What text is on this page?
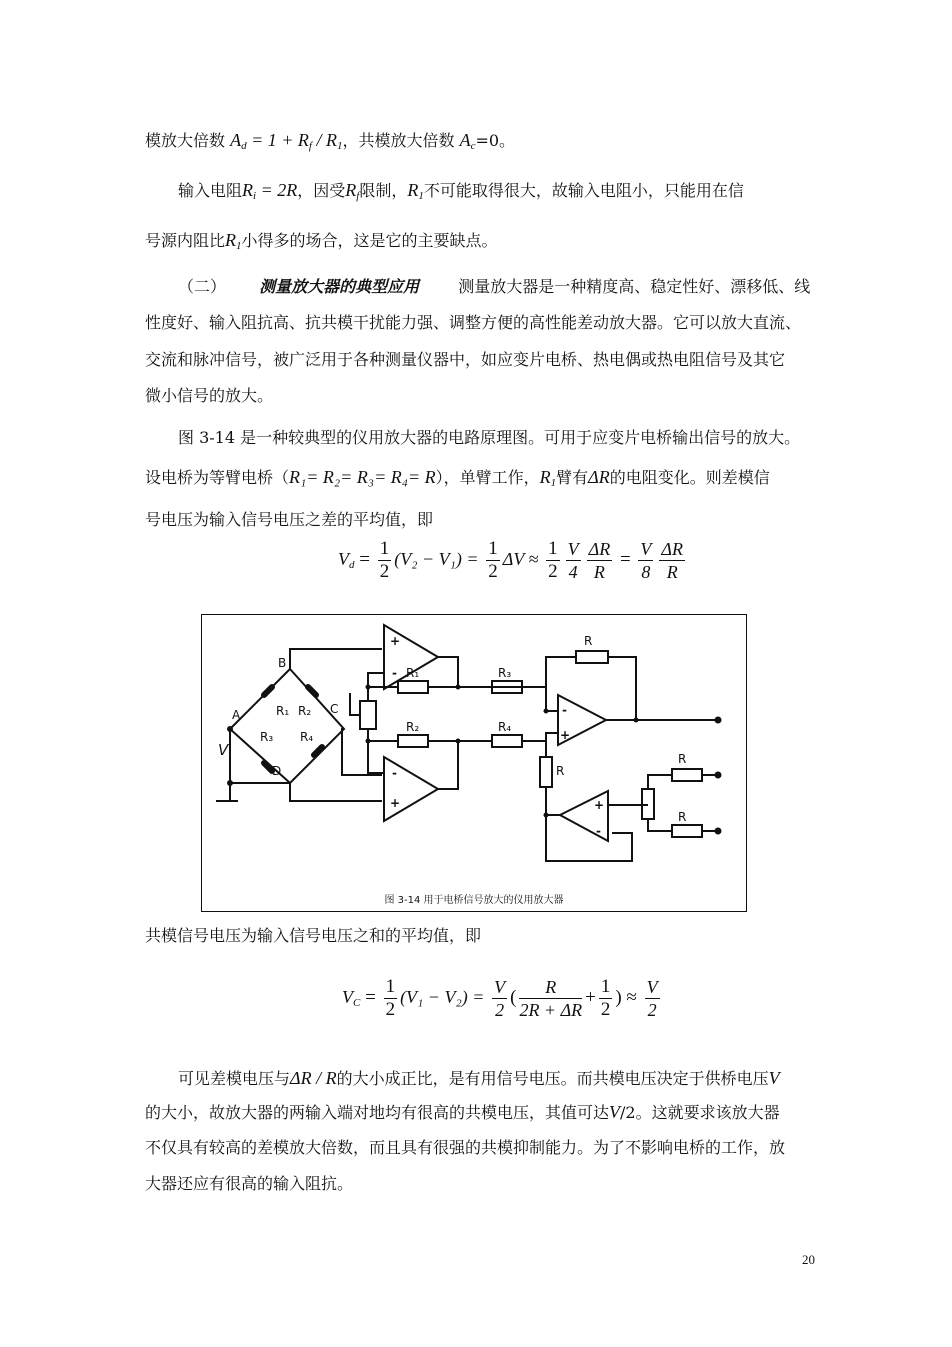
模放大倍数 $A_d = 1 + R_f / R_1$，共模放大倍数 $A_c=0$。
输入电阻$R_i = 2R$，因受$R_f$限制，$R_1$不可能取得很大，故输入电阻小，只能用在信
号源内阻比$R_1$小得多的场合，这是它的主要缺点。
（二） 测量放大器的典型应用 测量放大器是一种精度高、稳定性好、漂移低、线
性度好、输入阻抗高、抗共模干扰能力强、调整方便的高性能差动放大器。它可以放大直流、
交流和脉冲信号，被广泛用于各种测量仪器中，如应变片电桥、热电偶或热电阻信号及其它
微小信号的放大。
图 3-14 是一种较典型的仪用放大器的电路原理图。可用于应变片电桥输出信号的放大。
设电桥为等臂电桥（R₁= R₂= R₃= R₄= R），单臂工作，$R_1$臂有ΔR的电阻变化。则差模信
号电压为输入信号电压之差的平均值，即
$V_d = \frac{1}{2} (V_2 - V_1) = \frac{1}{2}$ $\Delta V \approx \frac{1}{2} \frac{V}{4} \frac{\Delta R}{R} = \frac{V}{8} \frac{\Delta R}{R}$
B
A	C
D
V
R₁ R₂
R₃ R₄
R₁
R₂
R₃
R₄
R
R
R
R
+
-
-
+
-
+
+
-
图 3-14 用于电桥信号放大的仪用放大器
共模信号电压为输入信号电压之和的平均值，即
$V_C = \frac{1}{2} (V_1 - V_2) = \frac{V}{2}$ ( $\frac{R}{2R + \Delta R} + \frac{1}{2}$ ) ≈ $\frac{V}{2}$
可见差模电压与ΔR / R的大小成正比，是有用信号电压。而共模电压决定于供桥电压V
的大小，故放大器的两输入端对地均有很高的共模电压，其值可达V/2。这就要求该放大器
不仅具有较高的差模放大倍数，而且具有很强的共模抑制能力。为了不影响电桥的工作，放
大器还应有很高的输入阻抗。
20
